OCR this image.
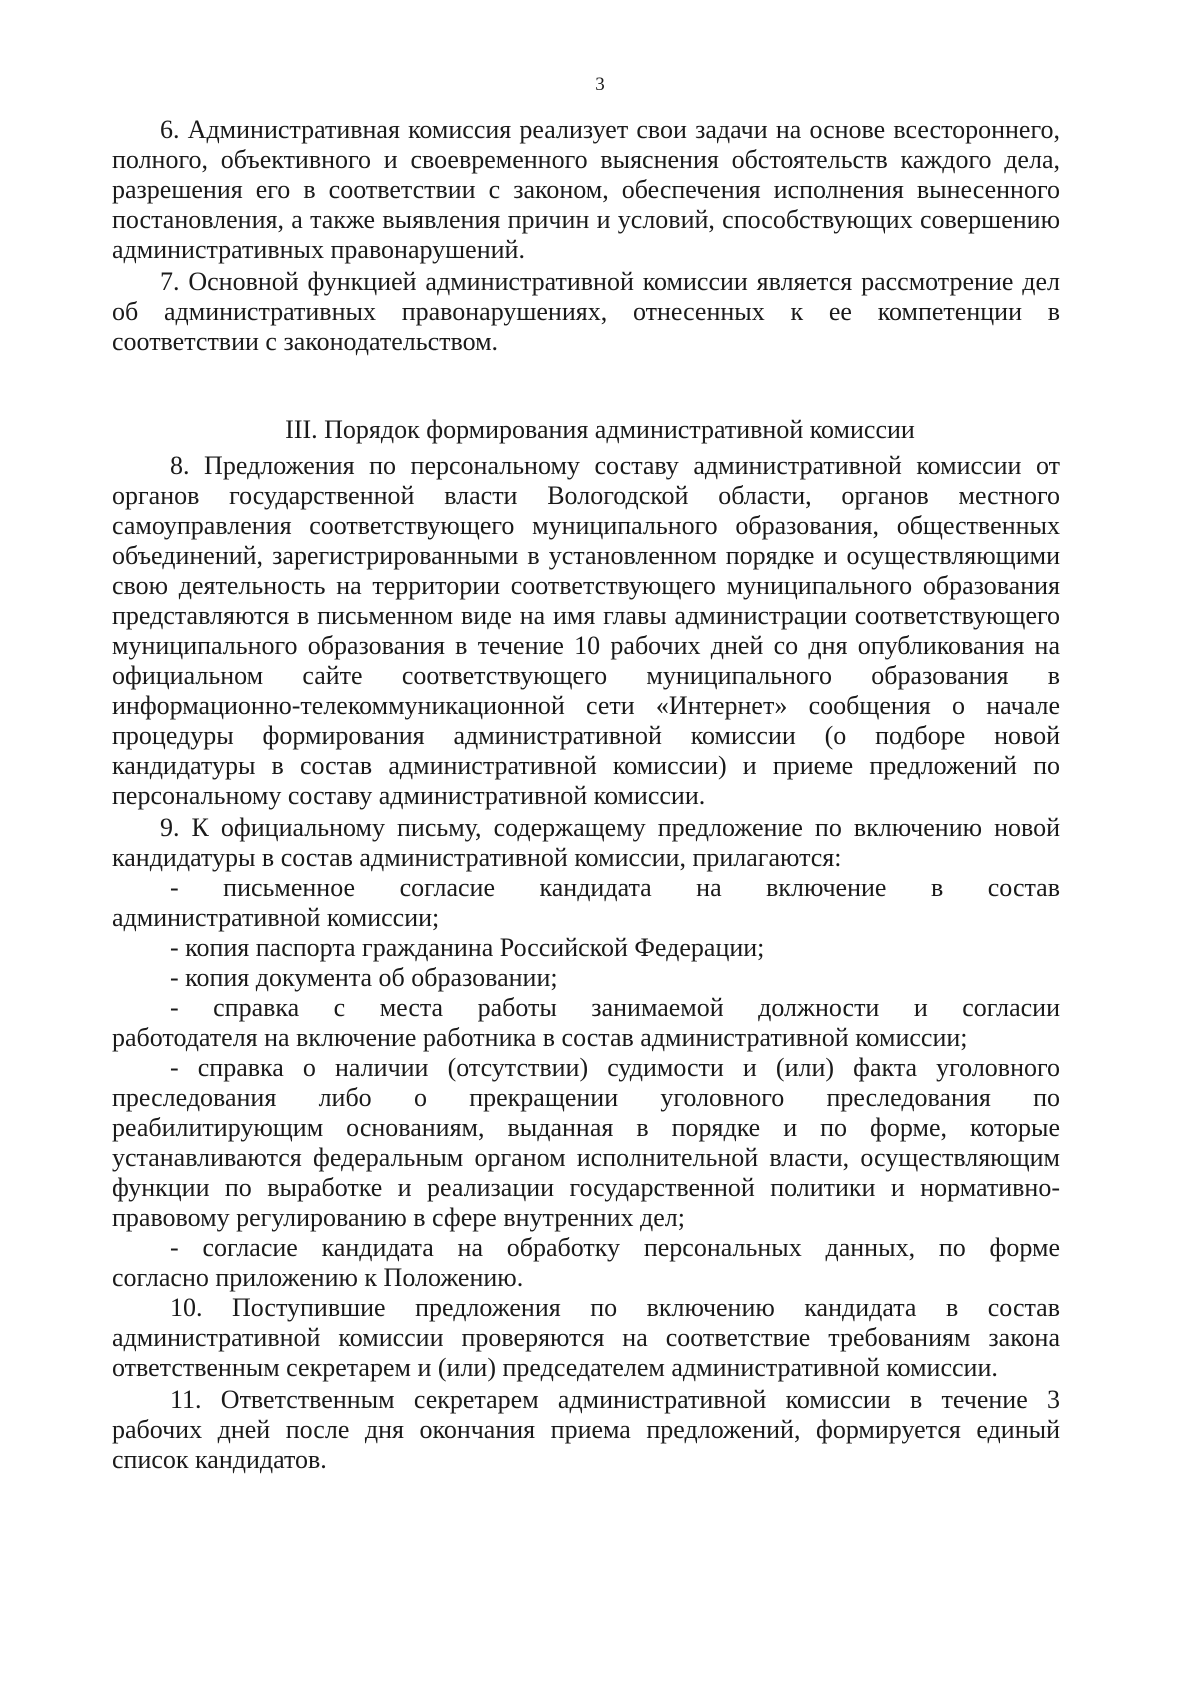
3
6. Административная комиссия реализует свои задачи на основе всестороннего,
полного, объективного и своевременного выяснения обстоятельств каждого дела,
разрешения его в соответствии с законом, обеспечения исполнения вынесенного
постановления, а также выявления причин и условий, способствующих совершению
административных правонарушений.
7. Основной функцией административной комиссии является рассмотрение дел
об административных правонарушениях, отнесенных к ее компетенции в
соответствии с законодательством.
III. Порядок формирования административной комиссии
8. Предложения по персональному составу административной комиссии от
органов государственной власти Вологодской области, органов местного
самоуправления соответствующего муниципального образования, общественных
объединений, зарегистрированными в установленном порядке и осуществляющими
свою деятельность на территории соответствующего муниципального образования
представляются в письменном виде на имя главы администрации соответствующего
муниципального образования в течение 10 рабочих дней со дня опубликования на
официальном сайте соответствующего муниципального образования в
информационно-телекоммуникационной сети «Интернет» сообщения о начале
процедуры формирования административной комиссии (о подборе новой
кандидатуры в состав административной комиссии) и приеме предложений по
персональному составу административной комиссии.
9. К официальному письму, содержащему предложение по включению новой
кандидатуры в состав административной комиссии, прилагаются:
- письменное согласие кандидата на включение в состав
административной комиссии;
- копия паспорта гражданина Российской Федерации;
- копия документа об образовании;
- справка с места работы занимаемой должности и согласии
работодателя на включение работника в состав административной комиссии;
- справка о наличии (отсутствии) судимости и (или) факта уголовного
преследования либо о прекращении уголовного преследования по
реабилитирующим основаниям, выданная в порядке и по форме, которые
устанавливаются федеральным органом исполнительной власти, осуществляющим
функции по выработке и реализации государственной политики и нормативно-
правовому регулированию в сфере внутренних дел;
- согласие кандидата на обработку персональных данных, по форме
согласно приложению к Положению.
10. Поступившие предложения по включению кандидата в состав
административной комиссии проверяются на соответствие требованиям закона
ответственным секретарем и (или) председателем административной комиссии.
11. Ответственным секретарем административной комиссии в течение 3
рабочих дней после дня окончания приема предложений, формируется единый
список кандидатов.
